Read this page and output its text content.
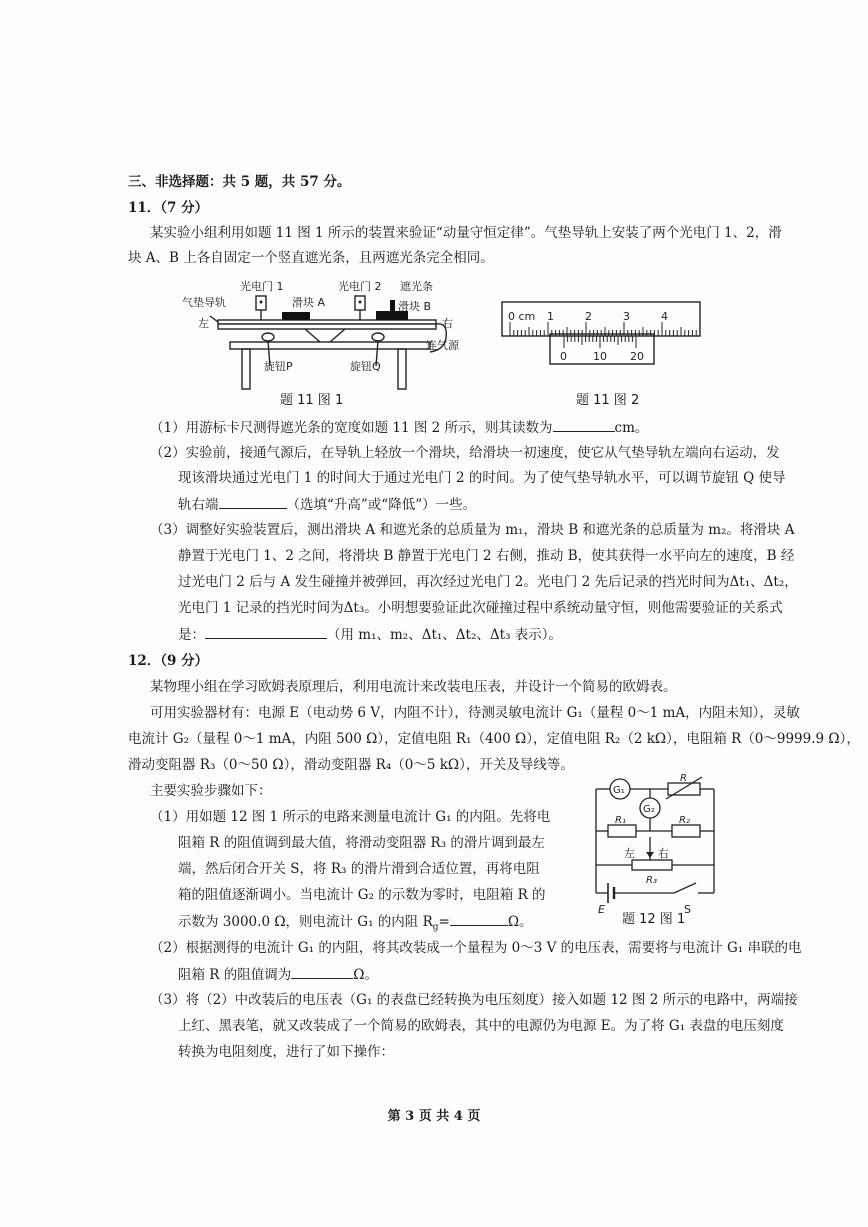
三、非选择题：共 5 题，共 57 分。
11．（7 分）
某实验小组利用如题 11 图 1 所示的装置来验证“动量守恒定律”。气垫导轨上安装了两个光电门 1、2，滑
块 A、B 上各自固定一个竖直遮光条，且两遮光条完全相同。
光电门 1	光电门 2 遮光条
气垫导轨	滑块 A	滑块 B
左	右
连气源
旋钮P	旋钮Q
题 11 图 1
0 cm 1	2	3	4
0 10 20
题 11 图 2
（1）用游标卡尺测得遮光条的宽度如题 11 图 2 所示，则其读数为	cm。
（2）实验前，接通气源后，在导轨上轻放一个滑块，给滑块一初速度，使它从气垫导轨左端向右运动，发
现该滑块通过光电门 1 的时间大于通过光电门 2 的时间。为了使气垫导轨水平，可以调节旋钮 Q 使导
轨右端	（选填“升高”或“降低”）一些。
（3）调整好实验装置后，测出滑块 A 和遮光条的总质量为 m₁，滑块 B 和遮光条的总质量为 m₂。将滑块 A
静置于光电门 1、2 之间，将滑块 B 静置于光电门 2 右侧，推动 B，使其获得一水平向左的速度，B 经
过光电门 2 后与 A 发生碰撞并被弹回，再次经过光电门 2。光电门 2 先后记录的挡光时间为Δt₁、Δt₂，
光电门 1 记录的挡光时间为Δt₃。小明想要验证此次碰撞过程中系统动量守恒，则他需要验证的关系式
是：	（用 m₁、m₂、Δt₁、Δt₂、Δt₃ 表示）。
12．（9 分）
某物理小组在学习欧姆表原理后，利用电流计来改装电压表，并设计一个简易的欧姆表。
可用实验器材有：电源 E（电动势 6 V，内阻不计），待测灵敏电流计 G₁（量程 0～1 mA，内阻未知），灵敏
电流计 G₂（量程 0～1 mA，内阻 500 Ω），定值电阻 R₁（400 Ω），定值电阻 R₂（2 kΩ），电阻箱 R（0～9999.9 Ω），
滑动变阻器 R₃（0～50 Ω），滑动变阻器 R₄（0～5 kΩ），开关及导线等。
主要实验步骤如下：
（1）用如题 12 图 1 所示的电路来测量电流计 G₁ 的内阻。先将电
阻箱 R 的阻值调到最大值，将滑动变阻器 R₃ 的滑片调到最左
端，然后闭合开关 S，将 R₃ 的滑片滑到合适位置，再将电阻
箱的阻值逐渐调小。当电流计 G₂ 的示数为零时，电阻箱 R 的
示数为 3000.0 Ω，则电流计 G₁ 的内阻 $R_g=$	Ω。
G₁
G₂
R
R₁	R₂
左 右
R₃
E	S
题 12 图 1
（2）根据测得的电流计 G₁ 的内阻，将其改装成一个量程为 0～3 V 的电压表，需要将与电流计 G₁ 串联的电
阻箱 R 的阻值调为	Ω。
（3）将（2）中改装后的电压表（G₁ 的表盘已经转换为电压刻度）接入如题 12 图 2 所示的电路中，两端接
上红、黑表笔，就又改装成了一个简易的欧姆表，其中的电源仍为电源 E。为了将 G₁ 表盘的电压刻度
转换为电阻刻度，进行了如下操作：
第 3 页 共 4 页
